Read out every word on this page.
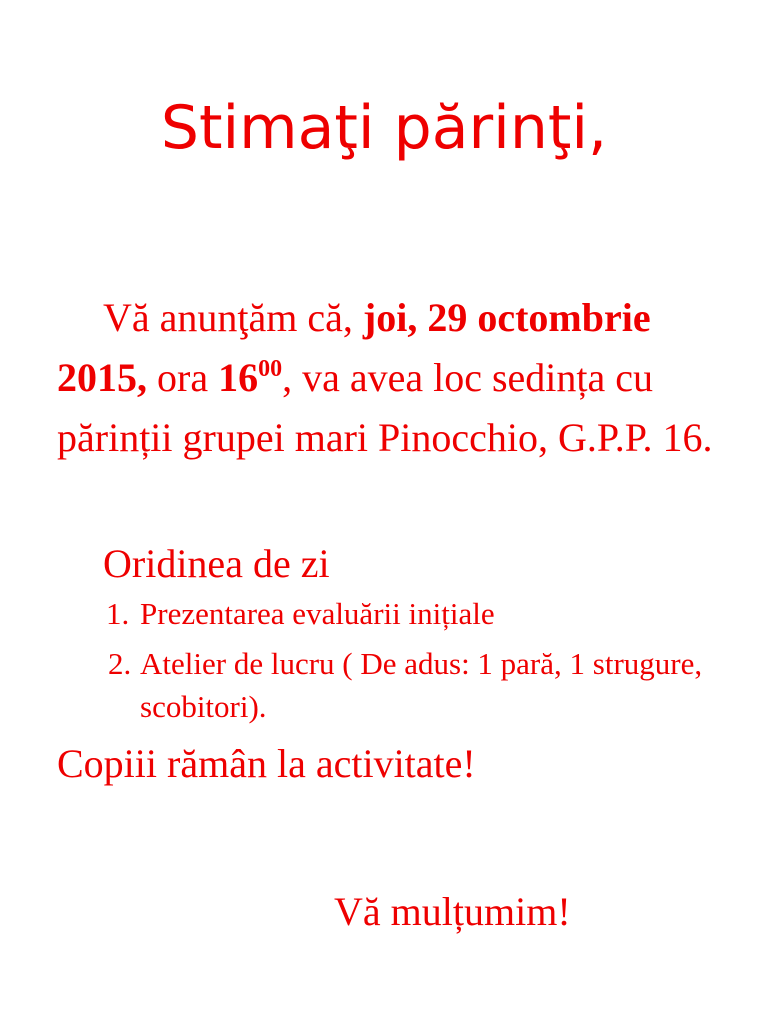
Stimaţi părinţi,

Vă anunţăm că, joi, 29 octombrie 2015, ora $16^{00}$, va avea loc sedința cu părinții grupei mari Pinocchio, G.P.P. 16.

Oridinea de zi

1. Prezentarea evaluării inițiale
2. Atelier de lucru ( De adus: 1 pară, 1 strugure, scobitori).

Copiii rămân la activitate!

Vă mulțumim!
